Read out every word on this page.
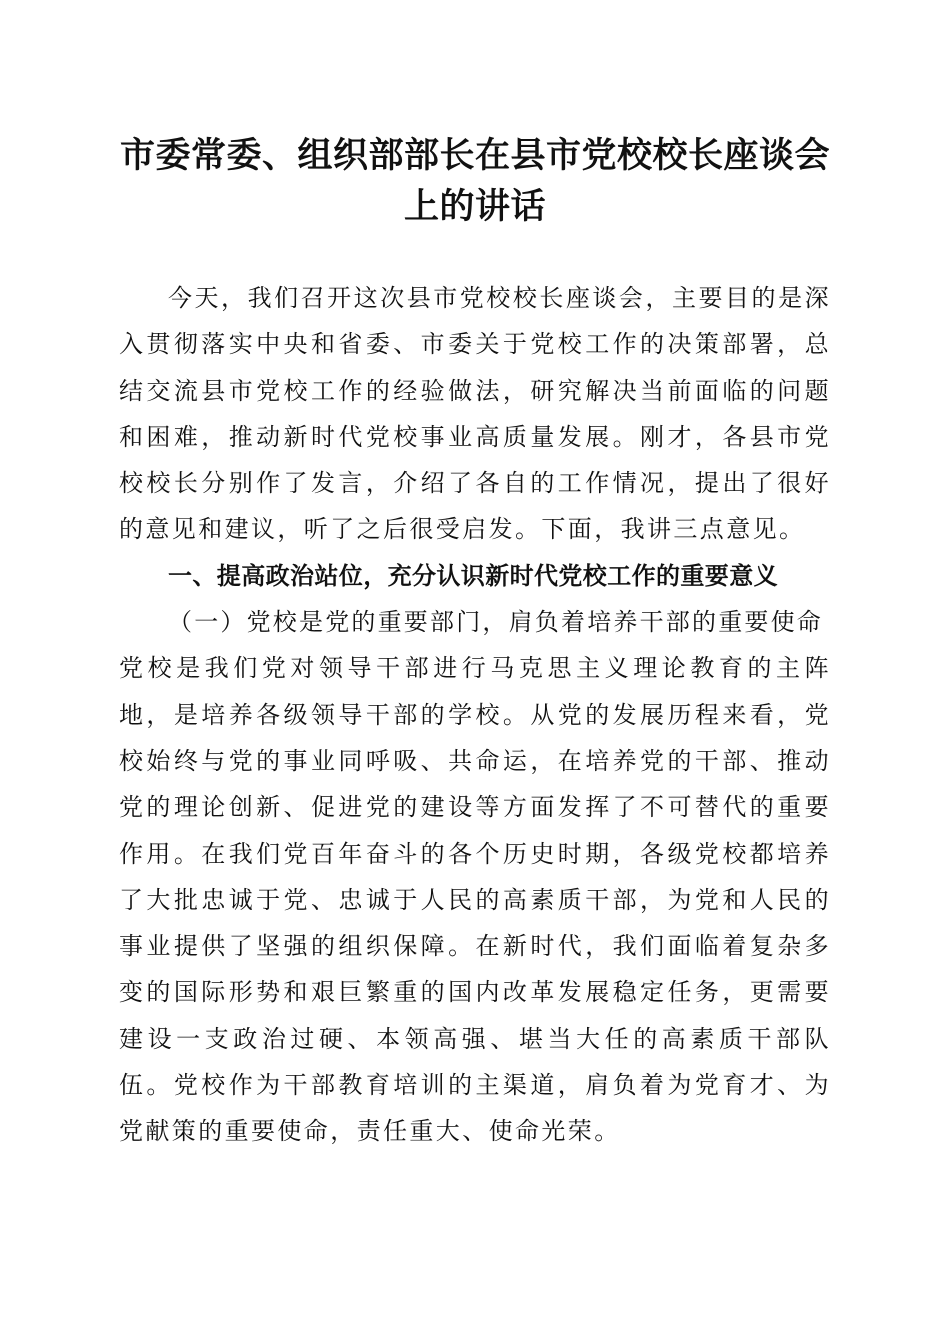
市委常委、组织部部长在县市党校校长座谈会
上的讲话

今天，我们召开这次县市党校校长座谈会，主要目的是深入贯彻落实中央和省委、市委关于党校工作的决策部署，总结交流县市党校工作的经验做法，研究解决当前面临的问题和困难，推动新时代党校事业高质量发展。刚才，各县市党校校长分别作了发言，介绍了各自的工作情况，提出了很好的意见和建议，听了之后很受启发。下面，我讲三点意见。

一、提高政治站位，充分认识新时代党校工作的重要意义

（一）党校是党的重要部门，肩负着培养干部的重要使命

党校是我们党对领导干部进行马克思主义理论教育的主阵地，是培养各级领导干部的学校。从党的发展历程来看，党校始终与党的事业同呼吸、共命运，在培养党的干部、推动党的理论创新、促进党的建设等方面发挥了不可替代的重要作用。在我们党百年奋斗的各个历史时期，各级党校都培养了大批忠诚于党、忠诚于人民的高素质干部，为党和人民的事业提供了坚强的组织保障。在新时代，我们面临着复杂多变的国际形势和艰巨繁重的国内改革发展稳定任务，更需要建设一支政治过硬、本领高强、堪当大任的高素质干部队伍。党校作为干部教育培训的主渠道，肩负着为党育才、为党献策的重要使命，责任重大、使命光荣。
